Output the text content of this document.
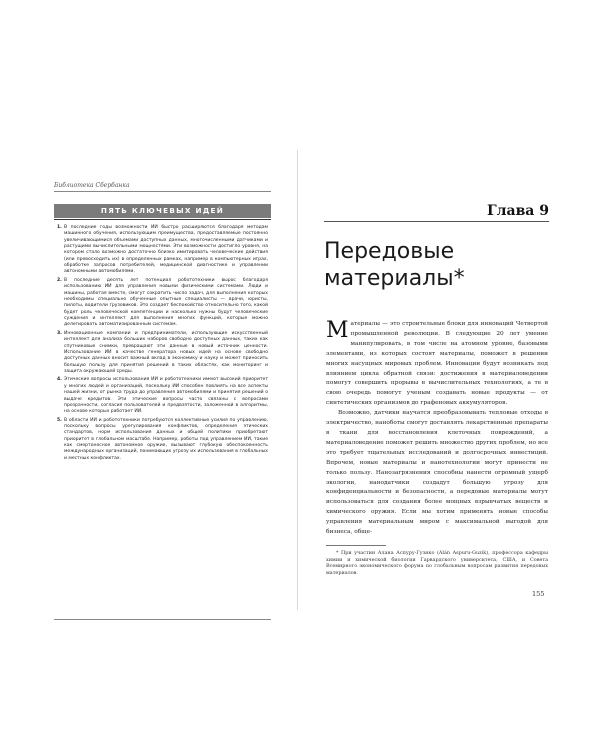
Библиотека Сбербанка
ПЯТЬ КЛЮЧЕВЫХ ИДЕЙ
1. В последние годы возможности ИИ быстро расширяются благодаря методам машинного обучения, использующим преимущества, предоставляемые постоянно увеличивающимися объемами доступных данных, многочисленными датчиками и растущими вычислительными мощностями. Эти возможности достигло уровня, на котором стало возможно достаточно близко имитировать человеческие действия (или превосходить их) в определенных рамках, например в компьютерных играх, обработке запросов потребителей, медицинской диагностике и управлении автономными автомобилями.
2. В последние десять лет потенциал робототехники вырос благодаря использованию ИИ для управления новыми физическими системами. Люди и машины, работая вместе, смогут сократить число задач, для выполнения которых необходимы специально обученные опытные специалисты — врачи, юристы, пилоты, водители грузовиков. Это создает беспокойство относительно того, какой будет роль человеческой компетенции и насколько нужны будут человеческие суждения и интеллект для выполнения многих функций, которые можно делегировать автоматизированным системам.
3. Инновационные компании и предприниматели, использующие искусственный интеллект для анализа больших наборов свободно доступных данных, таких как спутниковые снимки, превращают эти данные в новый источник ценности. Использование ИИ в качестве генератора новых идей на основе свободно доступных данных вносит важный вклад в экономику и науку и может приносить большую пользу для принятия решений в таких областях, как мониторинг и защита окружающей среды.
4. Этические вопросы использования ИИ и робототехники имеют высокий приоритет у многих людей и организаций, поскольку ИИ способен повлиять на все аспекты нашей жизни, от рынка труда до управления автомобилями и принятия решений о выдаче кредитов. Эти этические вопросы часто связаны с вопросами прозрачности, согласия пользователей и предвзятости, заложенной в алгоритмы, на основе которых работает ИИ.
5. В области ИИ и робототехники потребуются коллективные усилия по управлению, поскольку вопросы урегулирования конфликтов, определения этических стандартов, норм использования данных и общей политики приобретают приоритет в глобальном масштабе. Например, роботы под управлением ИИ, такие как смертоносное автономное оружие, вызывают глубокую обеспокоенность международных организаций, понимающих угрозу их использования в глобальных и местных конфликтах.
Глава 9
Передовые материалы*

Материалы — это строительные блоки для инноваций Четвертой промышленной революции. В следующие 20 лет умение манипулировать, в том числе на атомном уровне, базовыми элементами, из которых состоят материалы, поможет в решении многих насущных мировых проблем. Инновации будут возникать под влиянием цикла обратной связи: достижения в материаловедении помогут совершить прорывы в вычислительных технологиях, а те в свою очередь помогут ученым создавать новые продукты — от синтетических организмов до графеновых аккумуляторов.

Возможно, датчики научатся преобразовывать тепловые отходы в электричество, наноботы смогут доставлять лекарственные препараты в ткани для восстановления клеточных повреждений, а материаловедение поможет решить множество других проблем, но все это требует тщательных исследований и долгосрочных инвестиций. Впрочем, новые материалы и нанотехнологии могут принести не только пользу. Нанозагрязнения способны нанести огромный ущерб экологии, нанодатчики создадут большую угрозу для конфиденциальности и безопасности, а передовые материалы могут использоваться для создания более мощных взрывчатых веществ и химического оружия. Если мы хотим применять новые способы управления материальным миром с максимальной выгодой для бизнеса, обще-

* При участии Алана Аспуру-Гузико (Alán Aspuru-Guzik), профессора кафедры химии и химической биологии Гарвардского университета, США, и Совета Всемирного экономического форума по глобальным вопросам развития передовых материалов.
155
